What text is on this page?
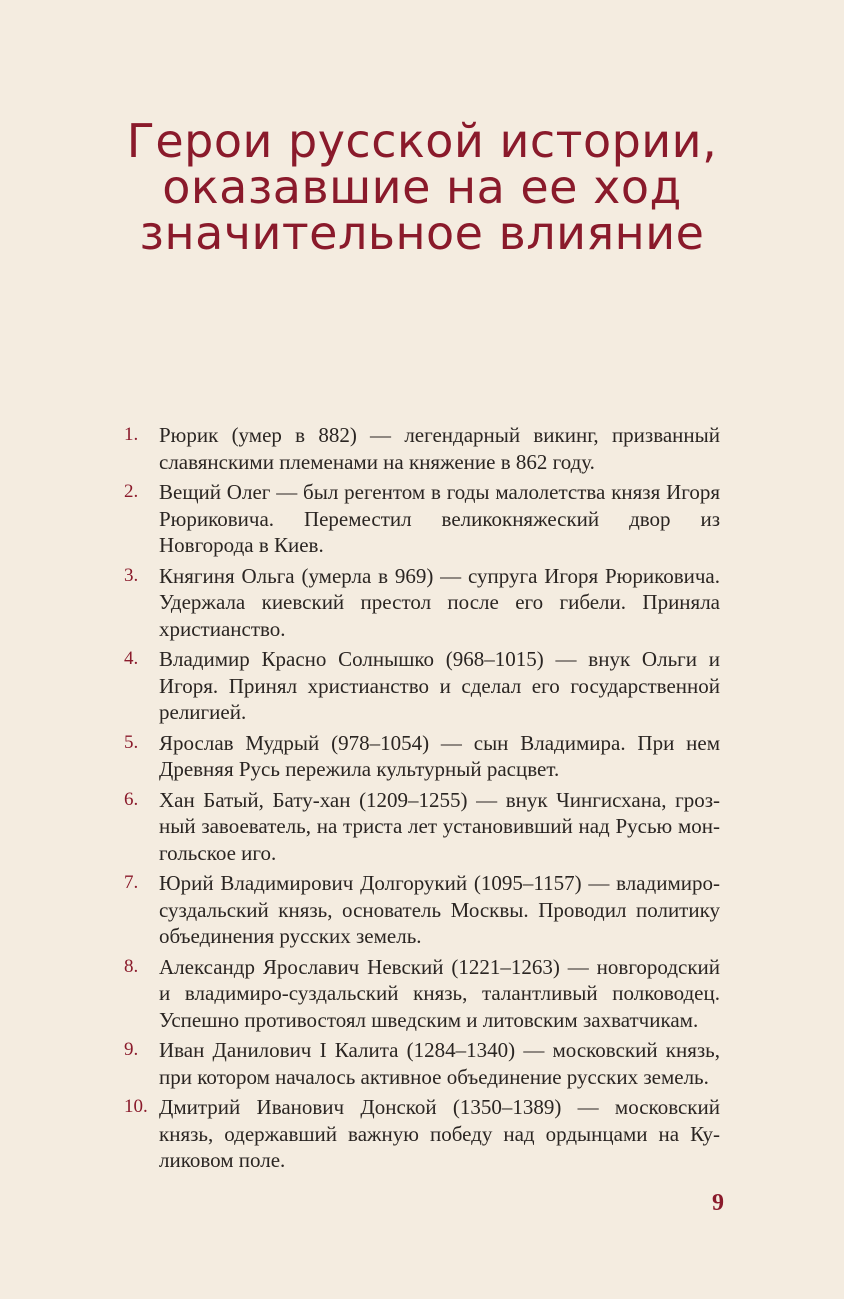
Герои русской истории,
оказавшие на ее ход
значительное влияние
1. Рюрик (умер в 882) — легендарный викинг, призванный славянскими племенами на княжение в 862 году.
2. Вещий Олег — был регентом в годы малолетства князя Игоря Рюриковича. Переместил великокняжеский двор из Новгорода в Киев.
3. Княгиня Ольга (умерла в 969) — супруга Игоря Рюриковича. Удержала киевский престол после его гибели. Приняла христианство.
4. Владимир Красно Солнышко (968–1015) — внук Ольги и Игоря. Принял христианство и сделал его государственной религией.
5. Ярослав Мудрый (978–1054) — сын Владимира. При нем Древняя Русь пережила культурный расцвет.
6. Хан Батый, Бату-хан (1209–1255) — внук Чингисхана, грозный завоеватель, на триста лет установивший над Русью монгольское иго.
7. Юрий Владимирович Долгорукий (1095–1157) — владимиро-суздальский князь, основатель Москвы. Проводил политику объединения русских земель.
8. Александр Ярославич Невский (1221–1263) — новгородский и владимиро-суздальский князь, талантливый полководец. Успешно противостоял шведским и литовским захватчикам.
9. Иван Данилович I Калита (1284–1340) — московский князь, при котором началось активное объединение русских земель.
10. Дмитрий Иванович Донской (1350–1389) — московский князь, одержавший важную победу над ордынцами на Куликовом поле.
9
